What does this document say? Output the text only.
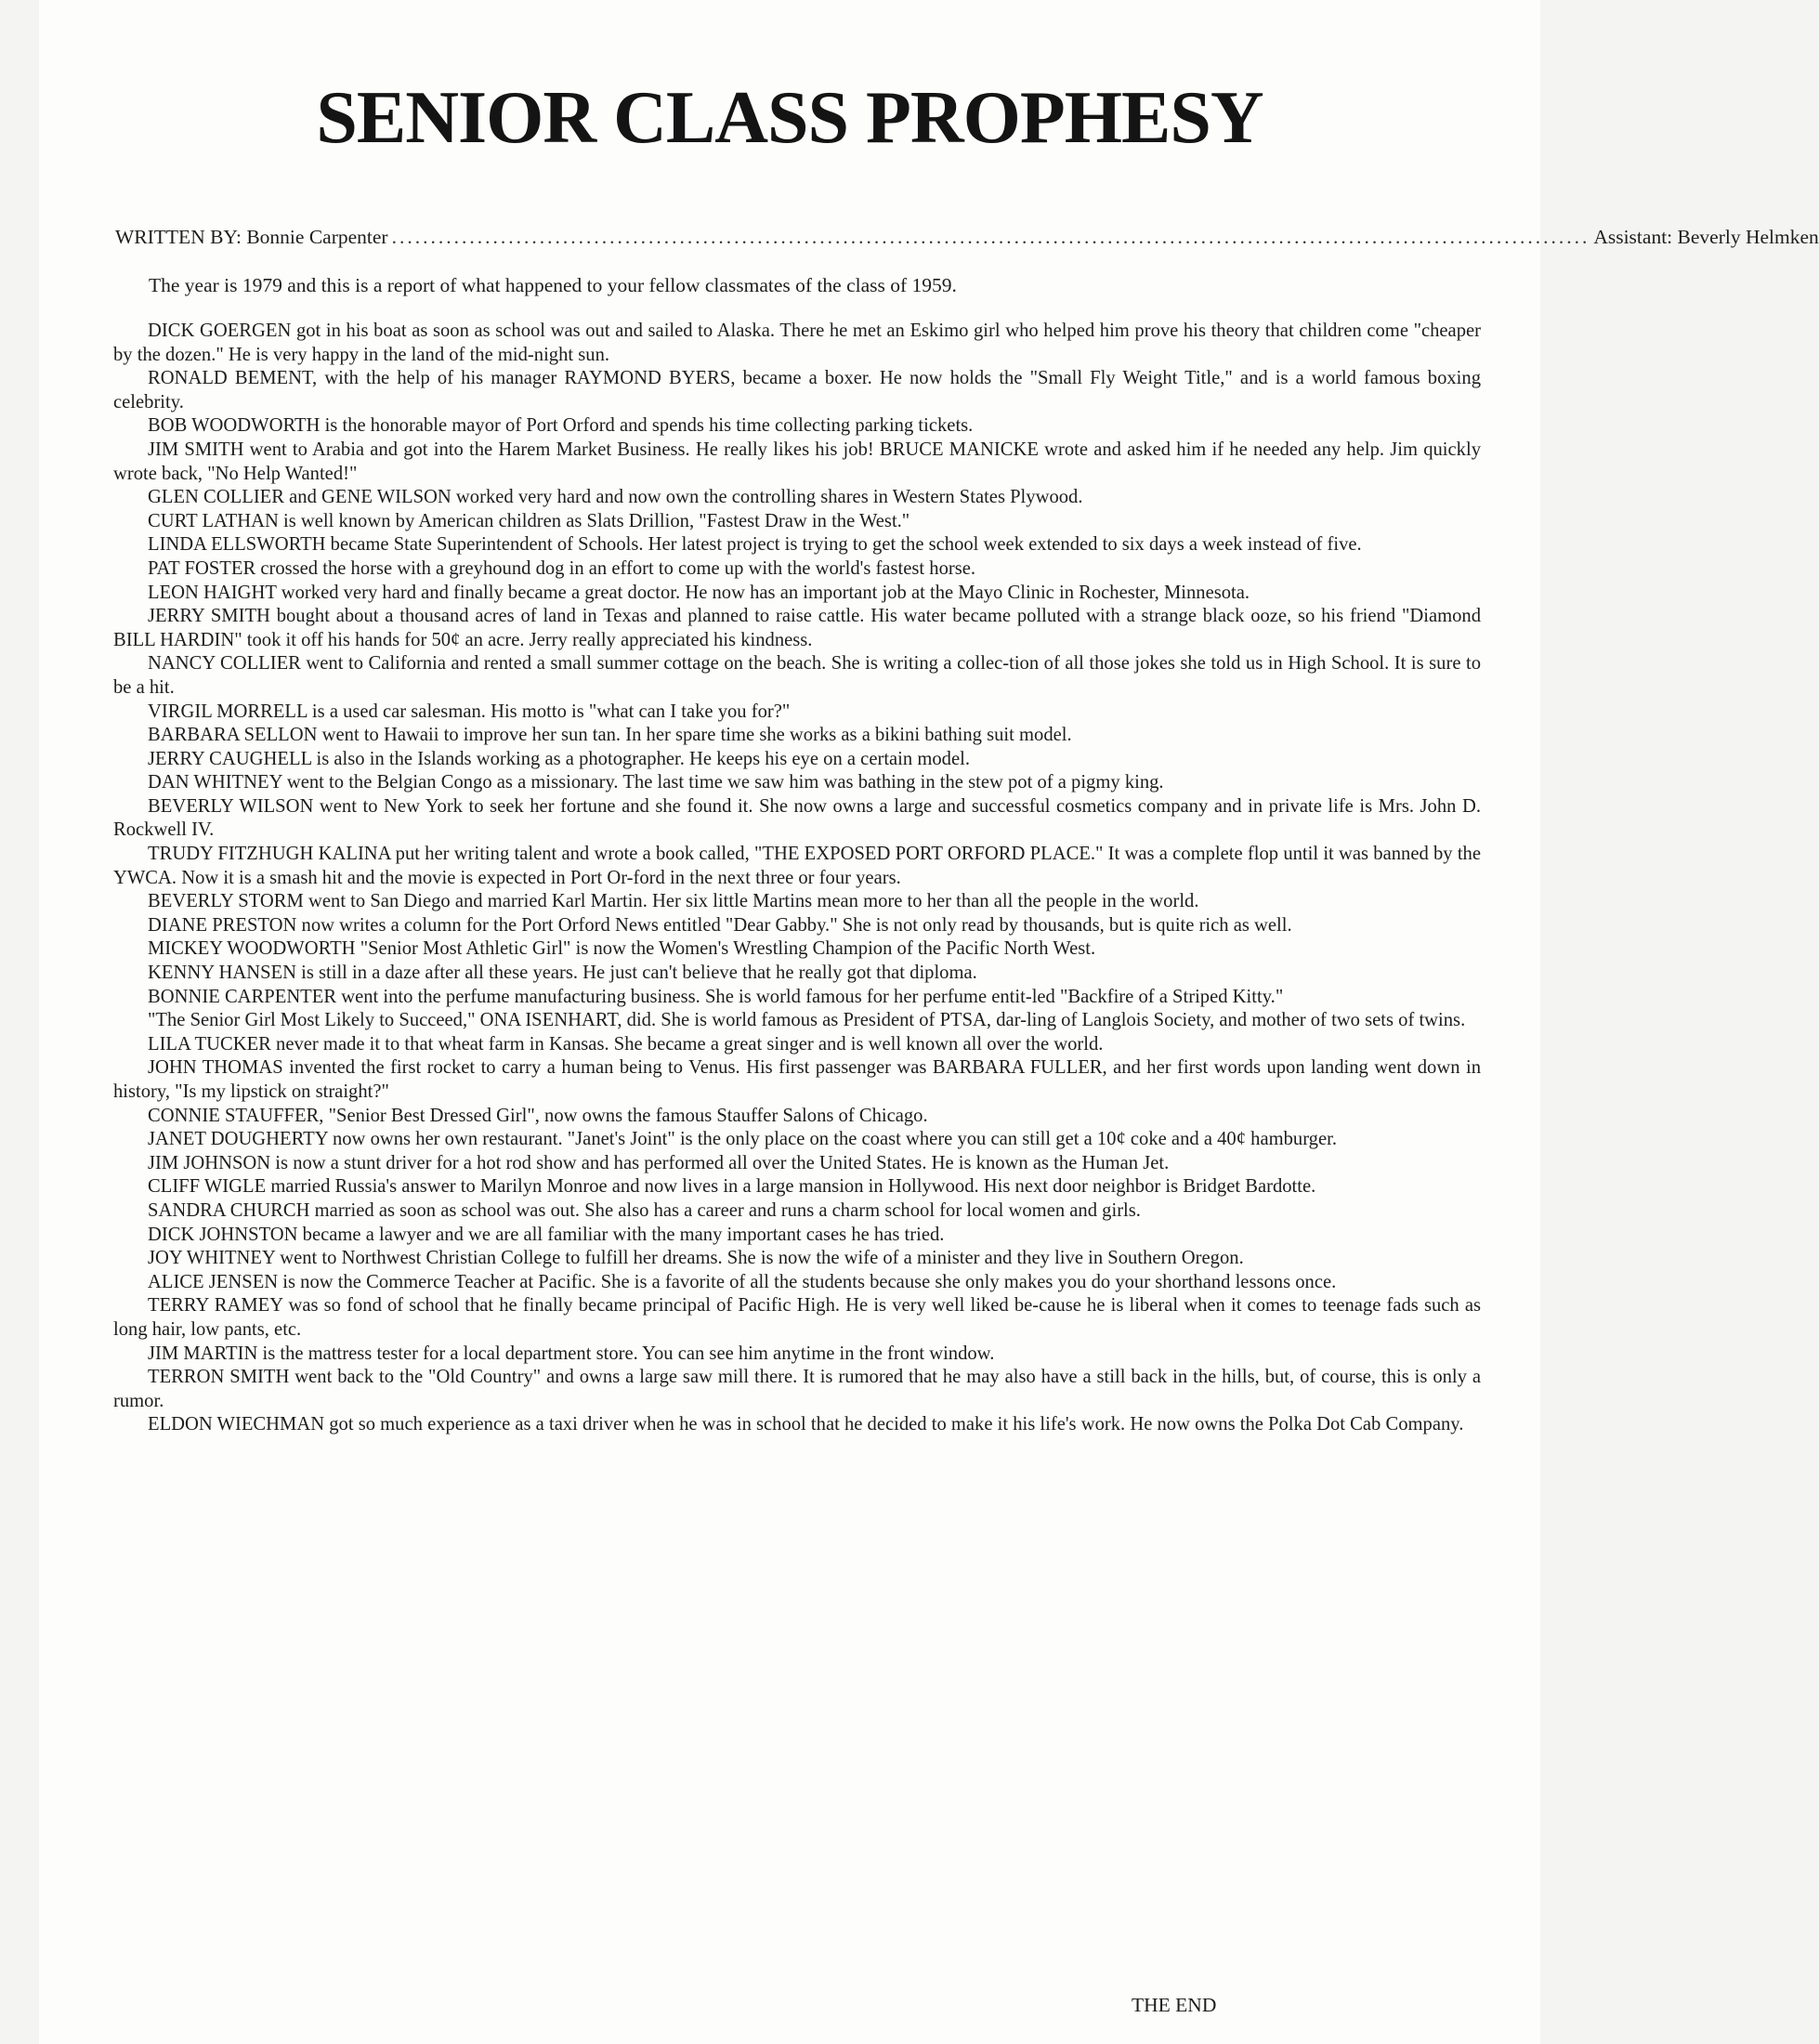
SENIOR CLASS PROPHESY
WRITTEN BY: Bonnie Carpenter .......................................................................................................................................................... Assistant: Beverly Helmken
The year is 1979 and this is a report of what happened to your fellow classmates of the class of 1959.

DICK GOERGEN got in his boat as soon as school was out and sailed to Alaska. There he met an Eskimo girl who helped him prove his theory that children come "cheaper by the dozen." He is very happy in the land of the mid-night sun.

RONALD BEMENT, with the help of his manager RAYMOND BYERS, became a boxer. He now holds the "Small Fly Weight Title," and is a world famous boxing celebrity.

BOB WOODWORTH is the honorable mayor of Port Orford and spends his time collecting parking tickets.

JIM SMITH went to Arabia and got into the Harem Market Business. He really likes his job! BRUCE MANICKE wrote and asked him if he needed any help. Jim quickly wrote back, "No Help Wanted!"

GLEN COLLIER and GENE WILSON worked very hard and now own the controlling shares in Western States Plywood.

CURT LATHAN is well known by American children as Slats Drillion, "Fastest Draw in the West."

LINDA ELLSWORTH became State Superintendent of Schools. Her latest project is trying to get the school week extended to six days a week instead of five.

PAT FOSTER crossed the horse with a greyhound dog in an effort to come up with the world's fastest horse.

LEON HAIGHT worked very hard and finally became a great doctor. He now has an important job at the Mayo Clinic in Rochester, Minnesota.

JERRY SMITH bought about a thousand acres of land in Texas and planned to raise cattle. His water became polluted with a strange black ooze, so his friend "Diamond BILL HARDIN" took it off his hands for 50¢ an acre. Jerry really appreciated his kindness.

NANCY COLLIER went to California and rented a small summer cottage on the beach. She is writing a collec-tion of all those jokes she told us in High School. It is sure to be a hit.

VIRGIL MORRELL is a used car salesman. His motto is "what can I take you for?"

BARBARA SELLON went to Hawaii to improve her sun tan. In her spare time she works as a bikini bathing suit model.

JERRY CAUGHELL is also in the Islands working as a photographer. He keeps his eye on a certain model.

DAN WHITNEY went to the Belgian Congo as a missionary. The last time we saw him was bathing in the stew pot of a pigmy king.

BEVERLY WILSON went to New York to seek her fortune and she found it. She now owns a large and successful cosmetics company and in private life is Mrs. John D. Rockwell IV.

TRUDY FITZHUGH KALINA put her writing talent and wrote a book called, "THE EXPOSED PORT ORFORD PLACE." It was a complete flop until it was banned by the YWCA. Now it is a smash hit and the movie is expected in Port Or-ford in the next three or four years.

BEVERLY STORM went to San Diego and married Karl Martin. Her six little Martins mean more to her than all the people in the world.

DIANE PRESTON now writes a column for the Port Orford News entitled "Dear Gabby." She is not only read by thousands, but is quite rich as well.

MICKEY WOODWORTH "Senior Most Athletic Girl" is now the Women's Wrestling Champion of the Pacific North West.

KENNY HANSEN is still in a daze after all these years. He just can't believe that he really got that diploma.

BONNIE CARPENTER went into the perfume manufacturing business. She is world famous for her perfume entit-led "Backfire of a Striped Kitty."

"The Senior Girl Most Likely to Succeed," ONA ISENHART, did. She is world famous as President of PTSA, dar-ling of Langlois Society, and mother of two sets of twins.

LILA TUCKER never made it to that wheat farm in Kansas. She became a great singer and is well known all over the world.

JOHN THOMAS invented the first rocket to carry a human being to Venus. His first passenger was BARBARA FULLER, and her first words upon landing went down in history, "Is my lipstick on straight?"

CONNIE STAUFFER, "Senior Best Dressed Girl", now owns the famous Stauffer Salons of Chicago.

JANET DOUGHERTY now owns her own restaurant. "Janet's Joint" is the only place on the coast where you can still get a 10¢ coke and a 40¢ hamburger.

JIM JOHNSON is now a stunt driver for a hot rod show and has performed all over the United States. He is known as the Human Jet.

CLIFF WIGLE married Russia's answer to Marilyn Monroe and now lives in a large mansion in Hollywood. His next door neighbor is Bridget Bardotte.

SANDRA CHURCH married as soon as school was out. She also has a career and runs a charm school for local women and girls.

DICK JOHNSTON became a lawyer and we are all familiar with the many important cases he has tried.

JOY WHITNEY went to Northwest Christian College to fulfill her dreams. She is now the wife of a minister and they live in Southern Oregon.

ALICE JENSEN is now the Commerce Teacher at Pacific. She is a favorite of all the students because she only makes you do your shorthand lessons once.

TERRY RAMEY was so fond of school that he finally became principal of Pacific High. He is very well liked be-cause he is liberal when it comes to teenage fads such as long hair, low pants, etc.

JIM MARTIN is the mattress tester for a local department store. You can see him anytime in the front window.

TERRON SMITH went back to the "Old Country" and owns a large saw mill there. It is rumored that he may also have a still back in the hills, but, of course, this is only a rumor.

ELDON WIECHMAN got so much experience as a taxi driver when he was in school that he decided to make it his life's work. He now owns the Polka Dot Cab Company.

THE END
